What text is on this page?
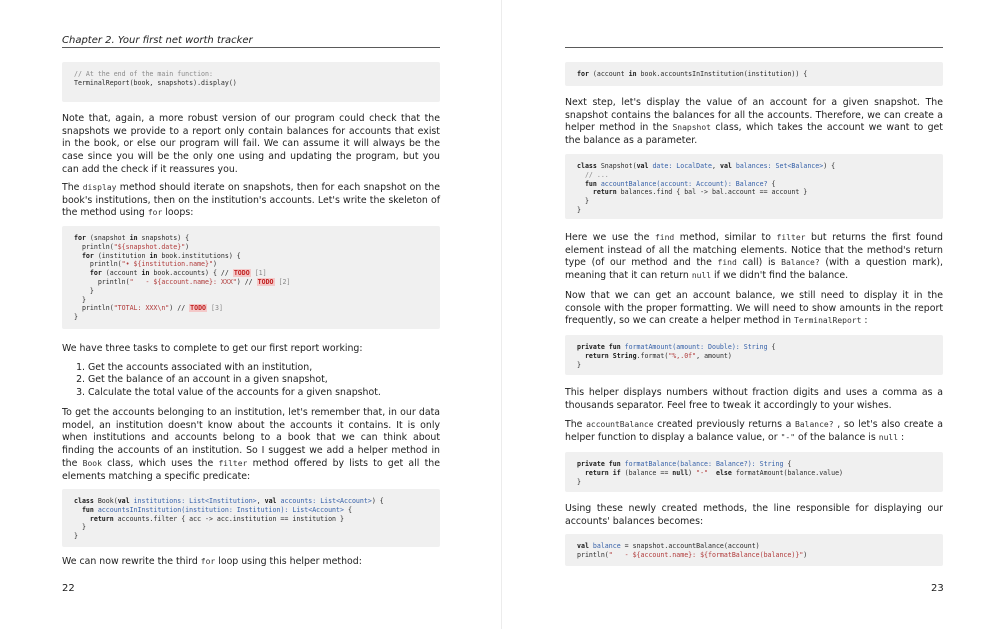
Chapter 2. Your first net worth tracker
// At the end of the main function:
TerminalReport(book, snapshots).display()

Note that, again, a more robust version of our program could check that the snapshots we provide to a report only contain balances for accounts that exist in the book, or else our program will fail. We can assume it will always be the case since you will be the only one using and updating the program, but you can add the check if it reassures you.

The display method should iterate on snapshots, then for each snapshot on the book's institutions, then on the institution's accounts. Let's write the skeleton of the method using for loops:

for (snapshot in snapshots) {
println("${snapshot.date}")
for (institution in book.institutions) {
println("• ${institution.name}")
for (account in book.accounts) { // TODO [1]
println("   - ${account.name}: XXX") // TODO [2]
}
}
println("TOTAL: XXX\n") // TODO [3]
}

We have three tasks to complete to get our first report working:

1. Get the accounts associated with an institution,
2. Get the balance of an account in a given snapshot,
3. Calculate the total value of the accounts for a given snapshot.

To get the accounts belonging to an institution, let's remember that, in our data model, an institution doesn't know about the accounts it contains. It is only when institutions and accounts belong to a book that we can think about finding the accounts of an institution. So I suggest we add a helper method in the Book class, which uses the filter method offered by lists to get all the elements matching a specific predicate:

class Book(val institutions: List<Institution>, val accounts: List<Account>) {
fun accountsInInstitution(institution: Institution): List<Account> {
return accounts.filter { acc -> acc.institution == institution }
}
}

We can now rewrite the third for loop using this helper method:

22
for (account in book.accountsInInstitution(institution)) {

Next step, let's display the value of an account for a given snapshot. The snapshot contains the balances for all the accounts. Therefore, we can create a helper method in the Snapshot class, which takes the account we want to get the balance as a parameter.

class Snapshot(val date: LocalDate, val balances: Set<Balance>) {
// ...
fun accountBalance(account: Account): Balance? {
return balances.find { bal -> bal.account == account }
}
}

Here we use the find method, similar to filter but returns the first found element instead of all the matching elements. Notice that the method's return type (of our method and the find call) is Balance? (with a question mark), meaning that it can return null if we didn't find the balance.

Now that we can get an account balance, we still need to display it in the console with the proper formatting. We will need to show amounts in the report frequently, so we can create a helper method in TerminalReport :

private fun formatAmount(amount: Double): String {
return String.format("%,.0f", amount)
}

This helper displays numbers without fraction digits and uses a comma as a thousands separator. Feel free to tweak it accordingly to your wishes.

The accountBalance created previously returns a Balance? , so let's also create a helper function to display a balance value, or "-" of the balance is null :

private fun formatBalance(balance: Balance?): String {
return if (balance == null) "-"  else formatAmount(balance.value)
}

Using these newly created methods, the line responsible for displaying our accounts' balances becomes:

val balance = snapshot.accountBalance(account)
println("   - ${account.name}: ${formatBalance(balance)}")
23
